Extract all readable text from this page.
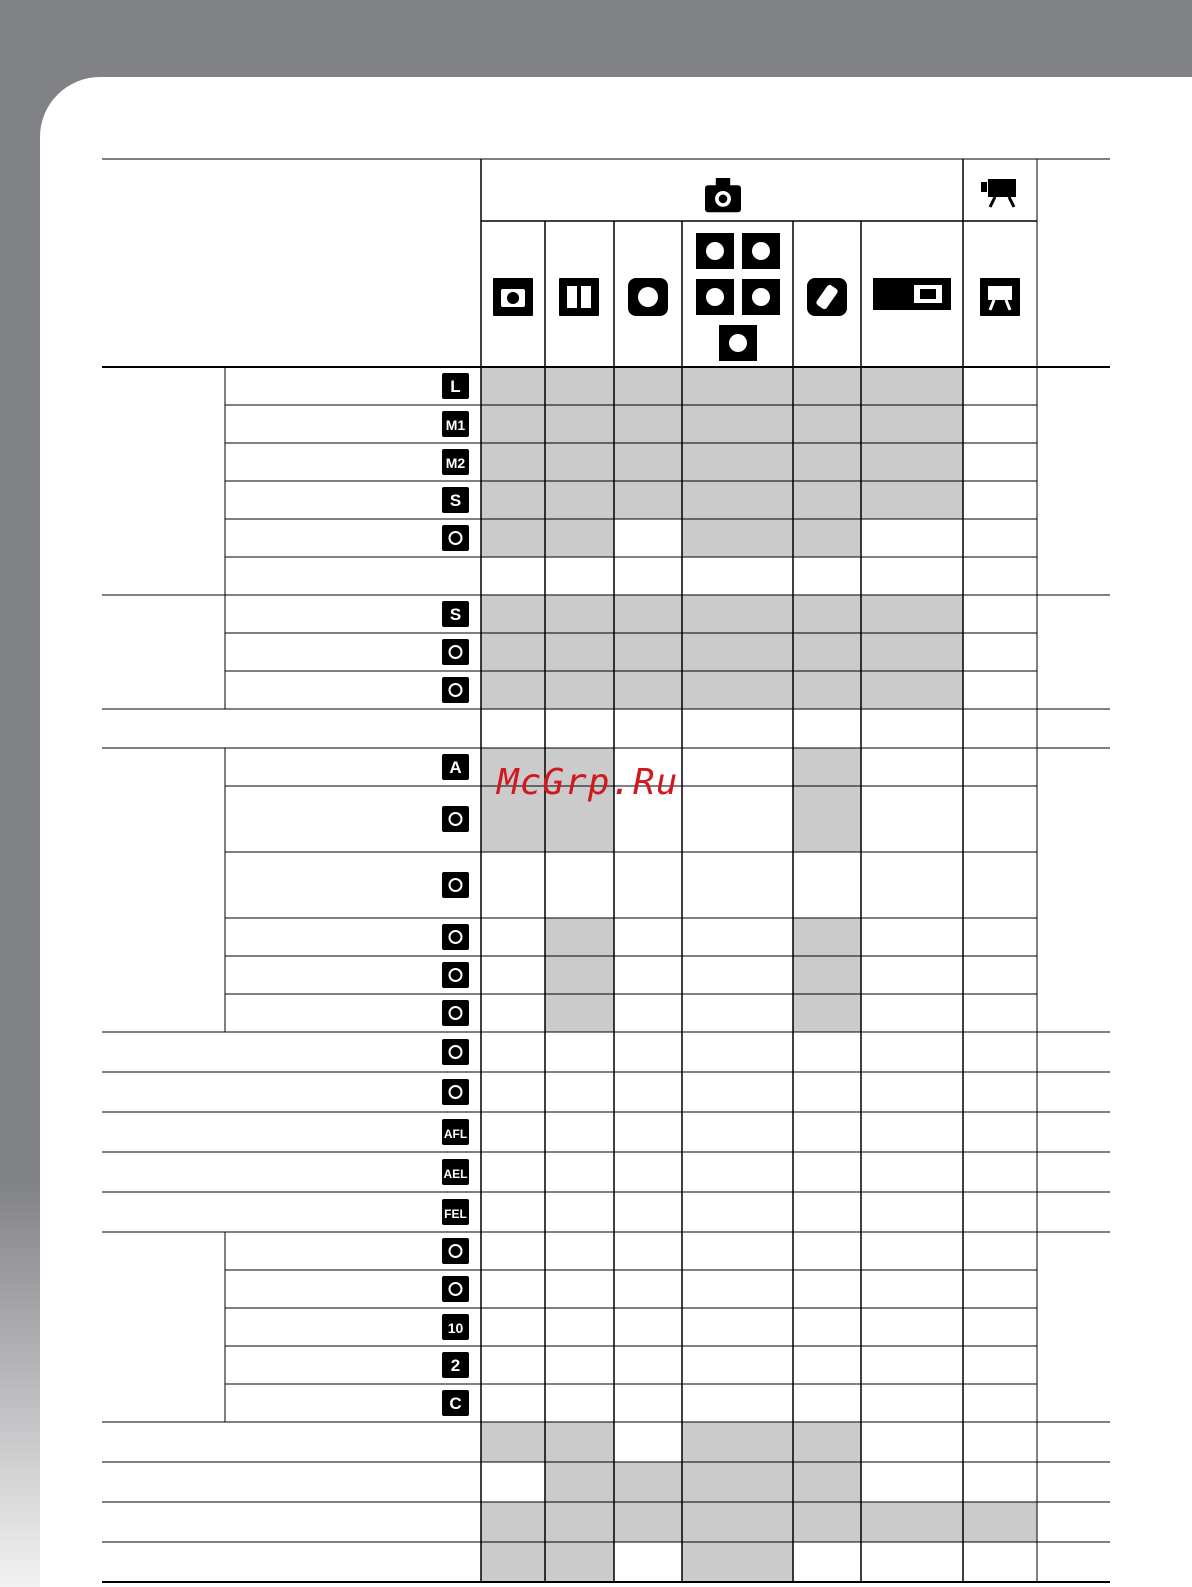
L
M1
M2
S
S
A
AFL
AEL
FEL
10
2
C
McGrp.Ru
